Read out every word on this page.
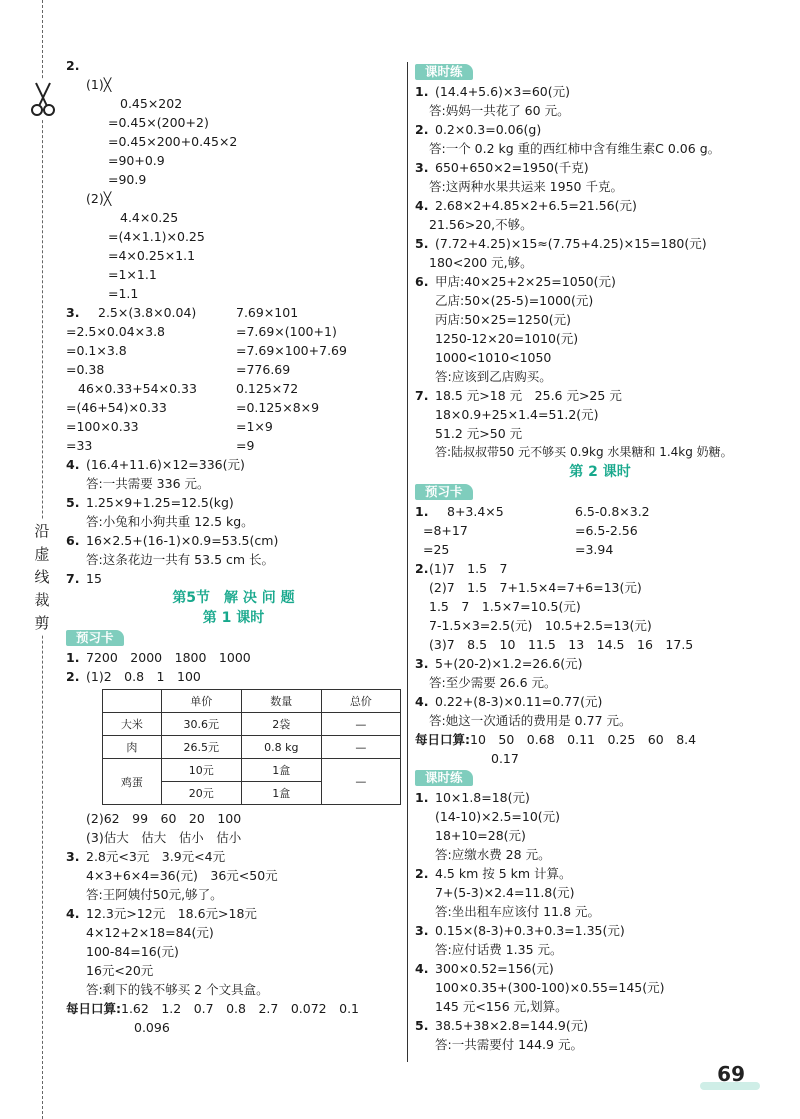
沿
虚
线
裁
剪
2.
(1)╳
0.45×202
=0.45×(200+2)
=0.45×200+0.45×2
=90+0.9
=90.9
(2)╳
4.4×0.25
=(4×1.1)×0.25
=4×0.25×1.1
=1×1.1
=1.1
3. 2.5×(3.8×0.04)	7.69×101
=2.5×0.04×3.8	=7.69×(100+1)
=0.1×3.8	=7.69×100+7.69
=0.38	=776.69
46×0.33+54×0.33	0.125×72
=(46+54)×0.33	=0.125×8×9
=100×0.33	=1×9
=33	=9
4. (16.4+11.6)×12=336(元)
答:一共需要 336 元。
5. 1.25×9+1.25=12.5(kg)
答:小兔和小狗共重 12.5 kg。
6. 16×2.5+(16-1)×0.9=53.5(cm)
答:这条花边一共有 53.5 cm 长。
7. 15
第5节　解 决 问 题
第 1 课时
预习卡
1. 7200　2000　1800　1000
2. (1)2　0.8　1　100
	单价	数量	总价
大米	30.6元	2袋	—
肉	26.5元	0.8 kg	—
鸡蛋	10元	1盒	—
	20元	1盒	
(2)62　99　60　20　100
(3)估大　估大　估小　估小
3. 2.8元<3元　3.9元<4元
4×3+6×4=36(元)　36元<50元
答:王阿姨付50元,够了。
4. 12.3元>12元　18.6元>18元
4×12+2×18=84(元)
100-84=16(元)
16元<20元
答:剩下的钱不够买 2 个文具盒。
每日口算:1.62　1.2　0.7　0.8　2.7　0.072　0.1
0.096
课时练
1. (14.4+5.6)×3=60(元)
答:妈妈一共花了 60 元。
2. 0.2×0.3=0.06(g)
答:一个 0.2 kg 重的西红柿中含有维生素C 0.06 g。
3. 650+650×2=1950(千克)
答:这两种水果共运来 1950 千克。
4. 2.68×2+4.85×2+6.5=21.56(元)
21.56>20,不够。
5. (7.72+4.25)×15≈(7.75+4.25)×15=180(元)
180<200 元,够。
6. 甲店:40×25+2×25=1050(元)
乙店:50×(25-5)=1000(元)
丙店:50×25=1250(元)
1250-12×20=1010(元)
1000<1010<1050
答:应该到乙店购买。
7. 18.5 元>18 元　25.6 元>25 元
18×0.9+25×1.4=51.2(元)
51.2 元>50 元
答:陆叔叔带50 元不够买 0.9kg 水果糖和 1.4kg 奶糖。
第 2 课时
预习卡
1. 8+3.4×5	6.5-0.8×3.2
=8+17	=6.5-2.56
=25	=3.94
2.(1)7　1.5　7
(2)7　1.5　7+1.5×4=7+6=13(元)
1.5　7　1.5×7=10.5(元)
7-1.5×3=2.5(元)　10.5+2.5=13(元)
(3)7　8.5　10　11.5　13　14.5　16　17.5
3. 5+(20-2)×1.2=26.6(元)
答:至少需要 26.6 元。
4. 0.22+(8-3)×0.11=0.77(元)
答:她这一次通话的费用是 0.77 元。
每日口算:10　50　0.68　0.11　0.25　60　8.4
0.17
课时练
1. 10×1.8=18(元)
(14-10)×2.5=10(元)
18+10=28(元)
答:应缴水费 28 元。
2. 4.5 km 按 5 km 计算。
7+(5-3)×2.4=11.8(元)
答:坐出租车应该付 11.8 元。
3. 0.15×(8-3)+0.3+0.3=1.35(元)
答:应付话费 1.35 元。
4. 300×0.52=156(元)
100×0.35+(300-100)×0.55=145(元)
145 元<156 元,划算。
5. 38.5+38×2.8=144.9(元)
答:一共需要付 144.9 元。
69
